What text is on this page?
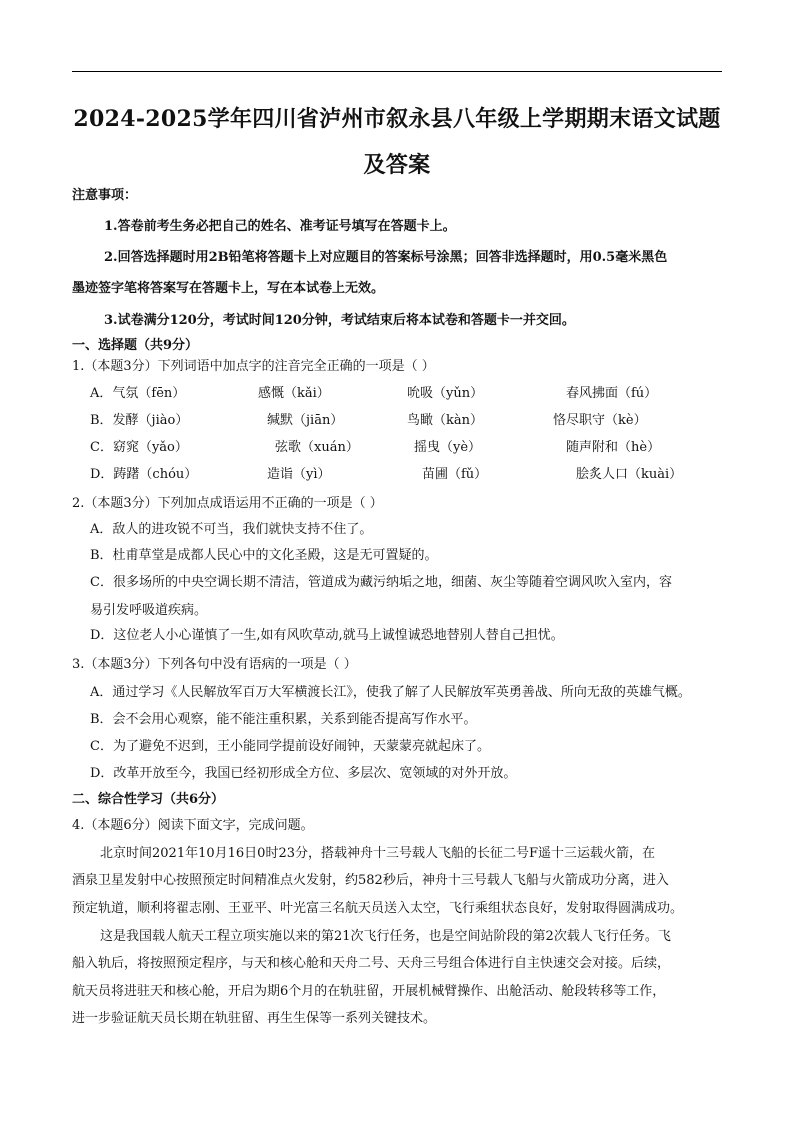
2024-2025学年四川省泸州市叙永县八年级上学期期末语文试题及答案
注意事项：
1.答卷前考生务必把自己的姓名、准考证号填写在答题卡上。
2.回答选择题时用2B铅笔将答题卡上对应题目的答案标号涂黑；回答非选择题时，用0.5毫米黑色
墨迹签字笔将答案写在答题卡上，写在本试卷上无效。
3.试卷满分120分，考试时间120分钟，考试结束后将本试卷和答题卡一并交回。
一、选择题（共9分）
1.（本题3分）下列词语中加点字的注音完全正确的一项是（ ）
A．气氛（fēn）	感慨（kǎi）	吮吸（yǔn）	春风拂面（fú）
B．发酵（jiào）	缄默（jiān）	鸟瞰（kàn）	恪尽职守（kè）
C．窈窕（yǎo）	弦歌（xuán）	摇曳（yè）	随声附和（hè）
D．踌躇（chóu）	造诣（yì）	苗圃（fǔ）	脍炙人口（kuài）
2.（本题3分）下列加点成语运用不正确的一项是（ ）
A．敌人的进攻锐不可当，我们就快支持不住了。
B．杜甫草堂是成都人民心中的文化圣殿，这是无可置疑的。
C．很多场所的中央空调长期不清洁，管道成为藏污纳垢之地，细菌、灰尘等随着空调风吹入室内，容
易引发呼吸道疾病。
D．这位老人小心谨慎了一生,如有风吹草动,就马上诚惶诚恐地替别人替自己担忧。
3.（本题3分）下列各句中没有语病的一项是（ ）
A．通过学习《人民解放军百万大军横渡长江》，使我了解了人民解放军英勇善战、所向无敌的英雄气概。
B．会不会用心观察，能不能注重积累，关系到能否提高写作水平。
C．为了避免不迟到，王小能同学提前设好闹钟，天蒙蒙亮就起床了。
D．改革开放至今，我国已经初形成全方位、多层次、宽领域的对外开放。
二、综合性学习（共6分）
4.（本题6分）阅读下面文字，完成问题。
北京时间2021年10月16日0时23分，搭载神舟十三号载人飞船的长征二号F遥十三运载火箭，在
酒泉卫星发射中心按照预定时间精准点火发射，约582秒后，神舟十三号载人飞船与火箭成功分离，进入
预定轨道，顺利将翟志刚、王亚平、叶光富三名航天员送入太空，飞行乘组状态良好，发射取得圆满成功。
这是我国载人航天工程立项实施以来的第21次飞行任务，也是空间站阶段的第2次载人飞行任务。飞
船入轨后，将按照预定程序，与天和核心舱和天舟二号、天舟三号组合体进行自主快速交会对接。后续，
航天员将进驻天和核心舱，开启为期6个月的在轨驻留，开展机械臂操作、出舱活动、舱段转移等工作，
进一步验证航天员长期在轨驻留、再生生保等一系列关键技术。
